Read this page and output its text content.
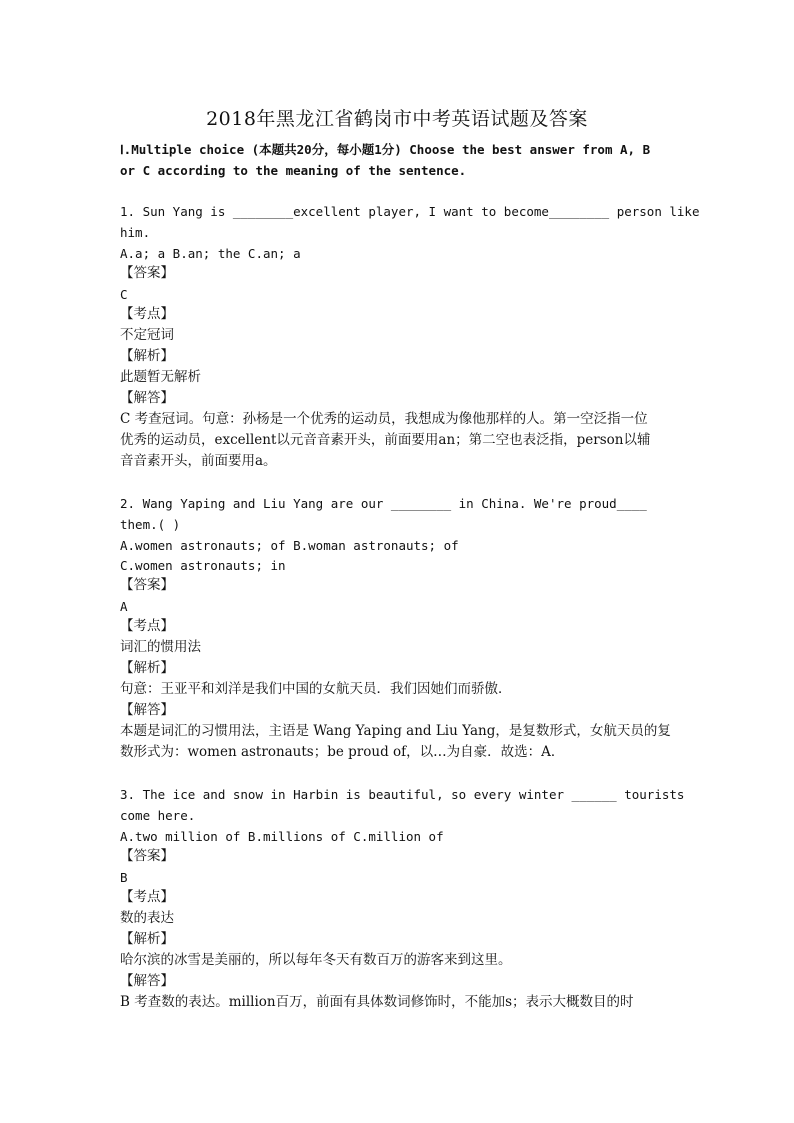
2018年黑龙江省鹤岗市中考英语试题及答案
Ⅰ.Multiple choice (本题共20分，每小题1分) Choose the best answer from A, B
or C according to the meaning of the sentence.
1. Sun Yang is ________excellent player, I want to become________ person like
him.
A.a; a B.an; the C.an; a
【答案】
C
【考点】
不定冠词
【解析】
此题暂无解析
【解答】
C 考查冠词。句意：孙杨是一个优秀的运动员，我想成为像他那样的人。第一空泛指一位
优秀的运动员，excellent以元音音素开头，前面要用an；第二空也表泛指，person以辅
音音素开头，前面要用a。
2. Wang Yaping and Liu Yang are our ________ in China. We're proud____
them.( )
A.women astronauts; of B.woman astronauts; of
C.women astronauts; in
【答案】
A
【考点】
词汇的惯用法
【解析】
句意：王亚平和刘洋是我们中国的女航天员．我们因她们而骄傲．
【解答】
本题是词汇的习惯用法，主语是 Wang Yaping and Liu Yang，是复数形式，女航天员的复
数形式为：women astronauts；be proud of，以…为自豪．故选：A．
3. The ice and snow in Harbin is beautiful, so every winter ______ tourists
come here.
A.two million of B.millions of C.million of
【答案】
B
【考点】
数的表达
【解析】
哈尔滨的冰雪是美丽的，所以每年冬天有数百万的游客来到这里。
【解答】
B 考查数的表达。million百万，前面有具体数词修饰时，不能加s；表示大概数目的时
